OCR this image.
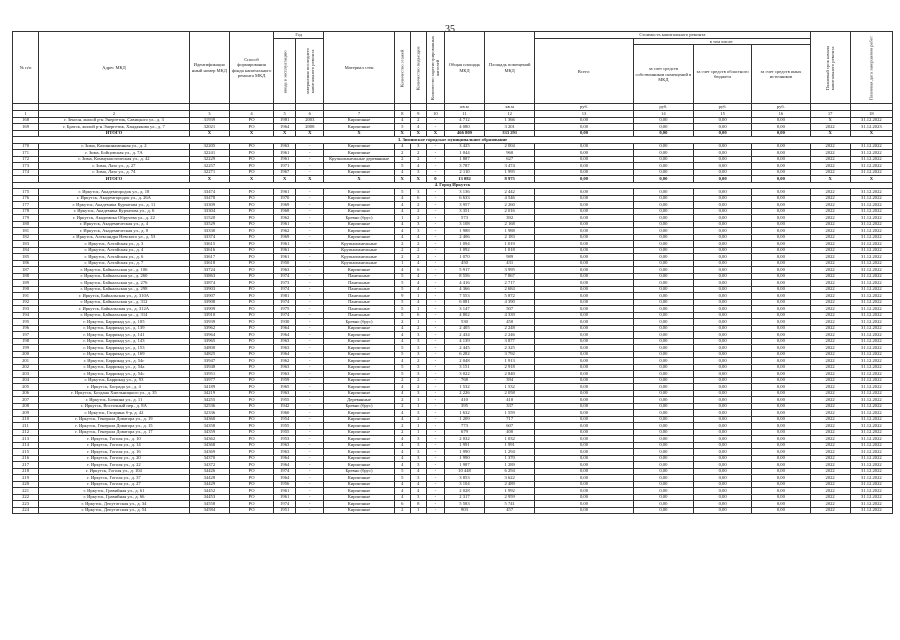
35
№ п/п	Адрес МКД	Идентификацио нный номер МКД	Способ формирования фонда капитального ремонта МКД	Год		Материал стен	Количество этажей	Количество подъездов	Количество зарегистрированных жителей	Общая площадь МКД	Площадь помещений МКД	Стоимость капитального ремонта				Плановый срок начала капитального ремонта	Плановая дата завершения работ
				ввода в эксплуатацию	завершения последнего капитального ремонта							Всего:	в том числе:				
													за счет средств собственников помещений в МКД	за счет средств областного бюджета	за счет средств иных источников		
										кв.м	кв.м	руб.	руб.	руб.	руб.		
1	2	3	4	5	6	7	8	9	10	11	12	13	14	15	16	17	18
168	г. Зенгон, жилой р-н Энергетик, Савицкого ул., д. 3	31939	РО	1981	2003	Кирпичные	4	2	-	4 712	1 366	0,00	0,00	0,00	0,00	X	31.12.2022
169	г. Братск, жилой р-н Энергетик, Хандаякова ул., д. 7	32021	РО	1964	2008	Кирпичные	5	4	-	4 080	3 201	0,00	0,00	0,00	0,00	2022	31.12.2023
	ИТОГО	X	X	X	X	X	X	X	X	466 809	333 291	0,00	0,00	0,00	0,00	X	X
3. Зиминское городское муниципальное образование																	
170	г. Зима, Калининаминная ул., д. 2	32205	РО	1963	-	Кирпичные	4	3	-	3 425	2 004	0,00	0,00	0,00	0,00	2022	31.12.2022
171	г. Зима, Бойцовская ул., д. 7А	32241	РО	1961	-	Кирпичные	2	2	-	1 044	960	0,00	0,00	0,00	0,00	2022	31.12.2022
172	г. Зима, Коммунистическая ул., д. 42	32229	РО	1961	-	Крупнопанельные деревянные	2	2	-	1 887	627	0,00	0,00	0,00	0,00	2022	31.12.2022
173	г. Зима, Лазо ул., д. 27	32257	РО	1971	-	Кирпичные	5	4	-	3 787	3 474	0,00	0,00	0,00	0,00	2022	31.12.2022
174	г. Зима, Лазо ул., д. 74	32271	РО	1967	-	Кирпичные	4	3	-	2 110	1 995	0,00	0,00	0,00	0,00	2022	31.12.2022
	ИТОГО	X	X	X	X	X	X	X	0	13 082	8 975	0,00	0,00	0,00	0,00	X	X
4. Город Иркутск																	
175	г. Иркутск, Академгородок ул., д. 18	33474	РО	1961	-	Кирпичные	5	3	-	3 136	2 442	0,00	0,00	0,00	0,00	2022	31.12.2022
176	г. Иркутск, Академгородок ул., д. 26А	33478	РО	1970	-	Кирпичные	4	6	-	6 633	4 546	0,00	0,00	0,00	0,00	2022	31.12.2022
177	г. Иркутск, Академика Курчатова ул., д. 11	33309	РО	1969	-	Кирпичные	4	2	-	3 957	2 260	0,00	0,00	0,00	0,00	2022	31.12.2022
178	г. Иркутск, Академика Курчатова ул., д. 6	33304	РО	1968	-	Кирпичные	4	2	-	3 351	2 016	0,00	0,00	0,00	0,00	2022	31.12.2022
179	г. Иркутск, Академика Обручева ул., д. 22	31520	РО	1962	-	Бревно (брус)	1	2	-	573	392	0,00	0,00	0,00	0,00	2022	31.12.2022
180	г. Иркутск, Академическая ул., д. 4	33529	РО	1961	-	Кирпичные	4	3	-	3 108	2 168	0,00	0,00	0,00	0,00	2022	31.12.2022
181	г. Иркутск, Академическая ул., д. 8	33330	РО	1962	-	Кирпичные	4	3	-	1 988	1 988	0,00	0,00	0,00	0,00	2022	31.12.2022
182	г. Иркутск, Александра Невского ул., д. 53	33374	РО	1969	-	Кирпичные	4	4	-	2 406	2 183	0,00	0,00	0,00	0,00	2022	31.12.2022
183	г. Иркутск, Алтайская ул., д. 3	33615	РО	1961	-	Крупнопанельные	2	2	-	1 094	1 019	0,00	0,00	0,00	0,00	2022	31.12.2022
184	г. Иркутск, Алтайская ул., д. 4	33616	РО	1961	-	Крупнопанельные	2	2	-	1 092	1 018	0,00	0,00	0,00	0,00	2022	31.12.2022
185	г. Иркутск, Алтайская ул., д. 6	33617	РО	1961	-	Крупнопанельные	2	2	-	1 070	989	0,00	0,00	0,00	0,00	2022	31.12.2022
186	г. Иркутск, Алтайская ул., д. 7	33618	РО	1950	-	Крупнопанельные	1	4	-	450	431	0,00	0,00	0,00	0,00	2022	31.12.2022
187	г. Иркутск, Байкальская ул., д. 106	33724	РО	1963	-	Кирпичные	4	6	-	5 917	3 995	0,00	0,00	0,00	0,00	2022	31.12.2022
188	г. Иркутск, Байкальская ул., д. 260	33863	РО	1974	-	Панельные	5	4	-	8 556	7 867	0,00	0,00	0,00	0,00	2022	31.12.2022
189	г. Иркутск, Байкальская ул., д. 276	33874	РО	1973	-	Панельные	5	4	-	4 416	2 717	0,00	0,00	0,00	0,00	2022	31.12.2022
190	г. Иркутск, Байкальская ул., д. 298	33903	РО	1974	-	Панельные	5	4	-	4 366	2 684	0,00	0,00	0,00	0,00	2022	31.12.2022
191	г. Иркутск, Байкальская ул., д. 310А	33907	РО	1981	-	Панельные	9	1	-	7 553	5 872	0,00	0,00	0,00	0,00	2022	31.12.2022
192	г. Иркутск, Байкальская ул., д. 312	33908	РО	1974	-	Панельные	5	4	-	6 081	4 390	0,00	0,00	0,00	0,00	2022	31.12.2022
193	г. Иркутск, Байкальская ул., д. 312А	33909	РО	1975	-	Панельные	5	1	-	3 147	507	0,00	0,00	0,00	0,00	2022	31.12.2022
194	г. Иркутск, Байкальская ул., д. 314	33910	РО	1974	-	Панельные	5	6	-	4 802	4 339	0,00	0,00	0,00	0,00	2022	31.12.2022
195	г. Иркутск, Баррикад ул., д. 105	33939	РО	1930	-	Бревно (брус)	2	1	-	530	450	0,00	0,00	0,00	0,00	2022	31.12.2022
196	г. Иркутск, Баррикад ул., д. 139	33962	РО	1964	-	Кирпичные	4	2	-	2 405	2 248	0,00	0,00	0,00	0,00	2022	31.12.2022
197	г. Иркутск, Баррикад ул., д. 141	33964	РО	1964	-	Кирпичные	4	3	-	2 434	2 246	0,00	0,00	0,00	0,00	2022	31.12.2022
198	г. Иркутск, Баррикад ул., д. 143	33965	РО	1963	-	Кирпичные	4	3	-	4 139	3 877	0,00	0,00	0,00	0,00	2022	31.12.2022
199	г. Иркутск, Баррикад ул., д. 153	34800	РО	1963	-	Кирпичные	5	3	-	2 445	2 325	0,00	0,00	0,00	0,00	2022	31.12.2022
200	г. Иркутск, Баррикад ул., д. 169	34825	РО	1964	-	Кирпичные	5	3	-	6 282	3 792	0,00	0,00	0,00	0,00	2022	31.12.2022
201	г. Иркутск, Баррикад ул., д. 54г	33947	РО	1962	-	Кирпичные	4	2	-	2 048	1 913	0,00	0,00	0,00	0,00	2022	31.12.2022
202	г. Иркутск, Баррикад ул., д. 54а	33948	РО	1963	-	Кирпичные	5	3	-	3 151	2 918	0,00	0,00	0,00	0,00	2022	31.12.2022
203	г. Иркутск, Баррикад ул., д. 54с	33951	РО	1963	-	Кирпичные	5	3	-	3 022	2 840	0,00	0,00	0,00	0,00	2022	31.12.2022
204	г. Иркутск, Баррикад ул., д. 93	33977	РО	1959	-	Кирпичные	2	2	-	768	394	0,00	0,00	0,00	0,00	2022	31.12.2022
205	г. Иркутск, Бограда ул., д. 4	34189	РО	1965	-	Кирпичные	4	2	-	1 532	1 532	0,00	0,00	0,00	0,00	2022	31.12.2022
206	г. Иркутск, Богдана Хмельницкого ул., д. 35	34219	РО	1963	-	Кирпичные	4	3	-	2 226	2 058	0,00	0,00	0,00	0,00	2022	31.12.2022
207	г. Иркутск, Бочкина ул., д. 11	34255	РО	1955	-	Деревянные	2	1	-	410	410	0,00	0,00	0,00	0,00	2022	31.12.2022
208	г. Иркутск, Восточный пер., д. 8А	32536	РО	1942	-	Бревно (брус)	2	1	-	395	337	0,00	0,00	0,00	0,00	2022	31.12.2022
209	г. Иркутск, Гагарина б-р, д. 42	32336	РО	1960	-	Кирпичные	4	3	-	1 632	1 559	0,00	0,00	0,00	0,00	2022	31.12.2022
210	г. Иркутск, Генерала Доватора ул., д. 19	34360	РО	1954	-	Кирпичные	4	2	-	1 209	717	0,00	0,00	0,00	0,00	2022	31.12.2022
211	г. Иркутск, Генерала Доватора ул., д. 15	34358	РО	1955	-	Кирпичные	2	1	-	773	607	0,00	0,00	0,00	0,00	2022	31.12.2022
212	г. Иркутск, Генерала Доватора ул., д. 17	34359	РО	1955	-	Кирпичные	2	1	-	679	400	0,00	0,00	0,00	0,00	2022	31.12.2022
213	г. Иркутск, Гоголя ул., д. 10	34362	РО	1953	-	Кирпичные	4	3	-	2 032	1 032	0,00	0,00	0,00	0,00	2022	31.12.2022
214	г. Иркутск, Гоголя ул., д. 14	34368	РО	1963	-	Кирпичные	4	3	-	1 991	1 991	0,00	0,00	0,00	0,00	2022	31.12.2022
215	г. Иркутск, Гоголя ул., д. 16	34369	РО	1963	-	Кирпичные	4	3	-	1 990	1 294	0,00	0,00	0,00	0,00	2022	31.12.2022
216	г. Иркутск, Гоголя ул., д. 20	34370	РО	1964	-	Кирпичные	4	3	-	1 990	1 370	0,00	0,00	0,00	0,00	2022	31.12.2022
217	г. Иркутск, Гоголя ул., д. 22	34372	РО	1964	-	Кирпичные	4	3	-	1 987	1 289	0,00	0,00	0,00	0,00	2022	31.12.2022
218	г. Иркутск, Гоголя ул., д. 104	34426	РО	1974	-	Бревно (брус)	5	4	-	10 448	6 294	0,00	0,00	0,00	0,00	2022	31.12.2022
219	г. Иркутск, Гоголя ул., д. 37	34428	РО	1964	-	Кирпичные	5	3	-	3 853	3 622	0,00	0,00	0,00	0,00	2022	31.12.2022
220	г. Иркутск, Гоголя ул., д. 27	34429	РО	1956	-	Кирпичные	4	4	-	3 104	2 489	0,00	0,00	0,00	0,00	2022	31.12.2022
221	г. Иркутск, Гравийная ул., д. 61	34452	РО	1961	-	Кирпичные	4	4	-	2 028	1 992	0,00	0,00	0,00	0,00	2022	31.12.2022
222	г. Иркутск, Гравийная ул., д. 66	34453	РО	1961	-	Кирпичные	4	3	-	2 317	2 959	0,00	0,00	0,00	0,00	2022	31.12.2022
223	г. Иркутск, Депутатская ул., д. 34	34558	РО	1974	-	Кирпичные	6	8	-	5 583	5 741	0,00	0,00	0,00	0,00	2022	31.12.2022
224	г. Иркутск, Депутатская ул., д. 54	34584	РО	1951	-	Кирпичные	2	1	-	903	457	0,00	0,00	0,00	0,00	2022	31.12.2022
